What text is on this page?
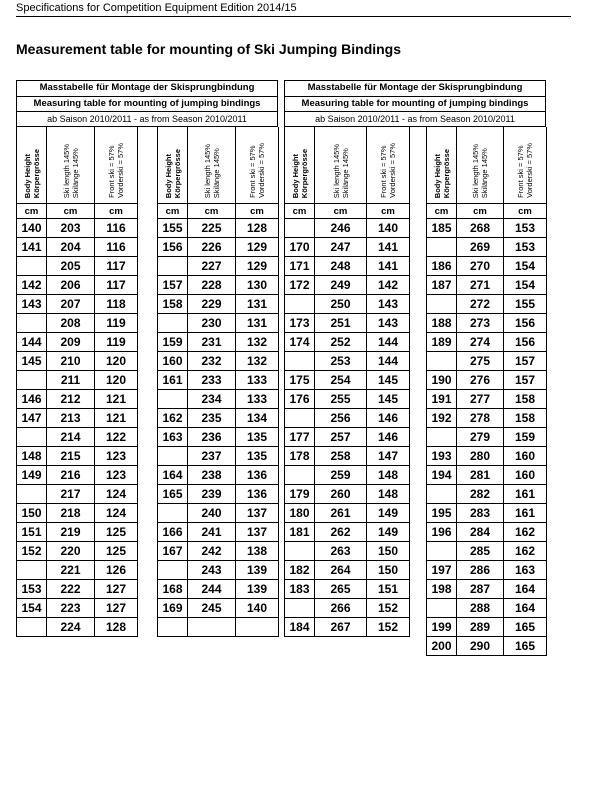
Specifications for Competition Equipment Edition 2014/15
Measurement table for mounting of Ski Jumping Bindings
Masstabelle für Montage der Skisprungbindung
Measuring table for mounting of jumping bindings
ab Saison 2010/2011 - as from Season 2010/2011
Masstabelle für Montage der Skisprungbindung
Measuring table for mounting of jumping bindings
ab Saison 2010/2011 - as from Season 2010/2011
Body Height
Körpergrösse	Ski length 145%
Skilänge 145%	Front ski = 57%
Vorderski = 57%
cm	cm	cm
140	203	116
141	204	116
	205	117
142	206	117
143	207	118
	208	119
144	209	119
145	210	120
	211	120
146	212	121
147	213	121
	214	122
148	215	123
149	216	123
	217	124
150	218	124
151	219	125
152	220	125
	221	126
153	222	127
154	223	127
	224	128
Body Height
Körpergrösse	Ski length 145%
Skilänge 145%	Front ski = 57%
Vorderski = 57%
cm	cm	cm
155	225	128
156	226	129
	227	129
157	228	130
158	229	131
	230	131
159	231	132
160	232	132
161	233	133
	234	133
162	235	134
163	236	135
	237	135
164	238	136
165	239	136
	240	137
166	241	137
167	242	138
	243	139
168	244	139
169	245	140

Body Height
Körpergrösse	Ski length 145%
Skilänge 145%	Front ski = 57%
Vorderski = 57%
cm	cm	cm
	246	140
170	247	141
171	248	141
172	249	142
	250	143
173	251	143
174	252	144
	253	144
175	254	145
176	255	145
	256	146
177	257	146
178	258	147
	259	148
179	260	148
180	261	149
181	262	149
	263	150
182	264	150
183	265	151
	266	152
184	267	152
Body Height
Körpergrösse	Ski length 145%
Skilänge 145%	Front ski = 57%
Vorderski = 57%
cm	cm	cm
185	268	153
	269	153
186	270	154
187	271	154
	272	155
188	273	156
189	274	156
	275	157
190	276	157
191	277	158
192	278	158
	279	159
193	280	160
194	281	160
	282	161
195	283	161
196	284	162
	285	162
197	286	163
198	287	164
	288	164
199	289	165
200	290	165
